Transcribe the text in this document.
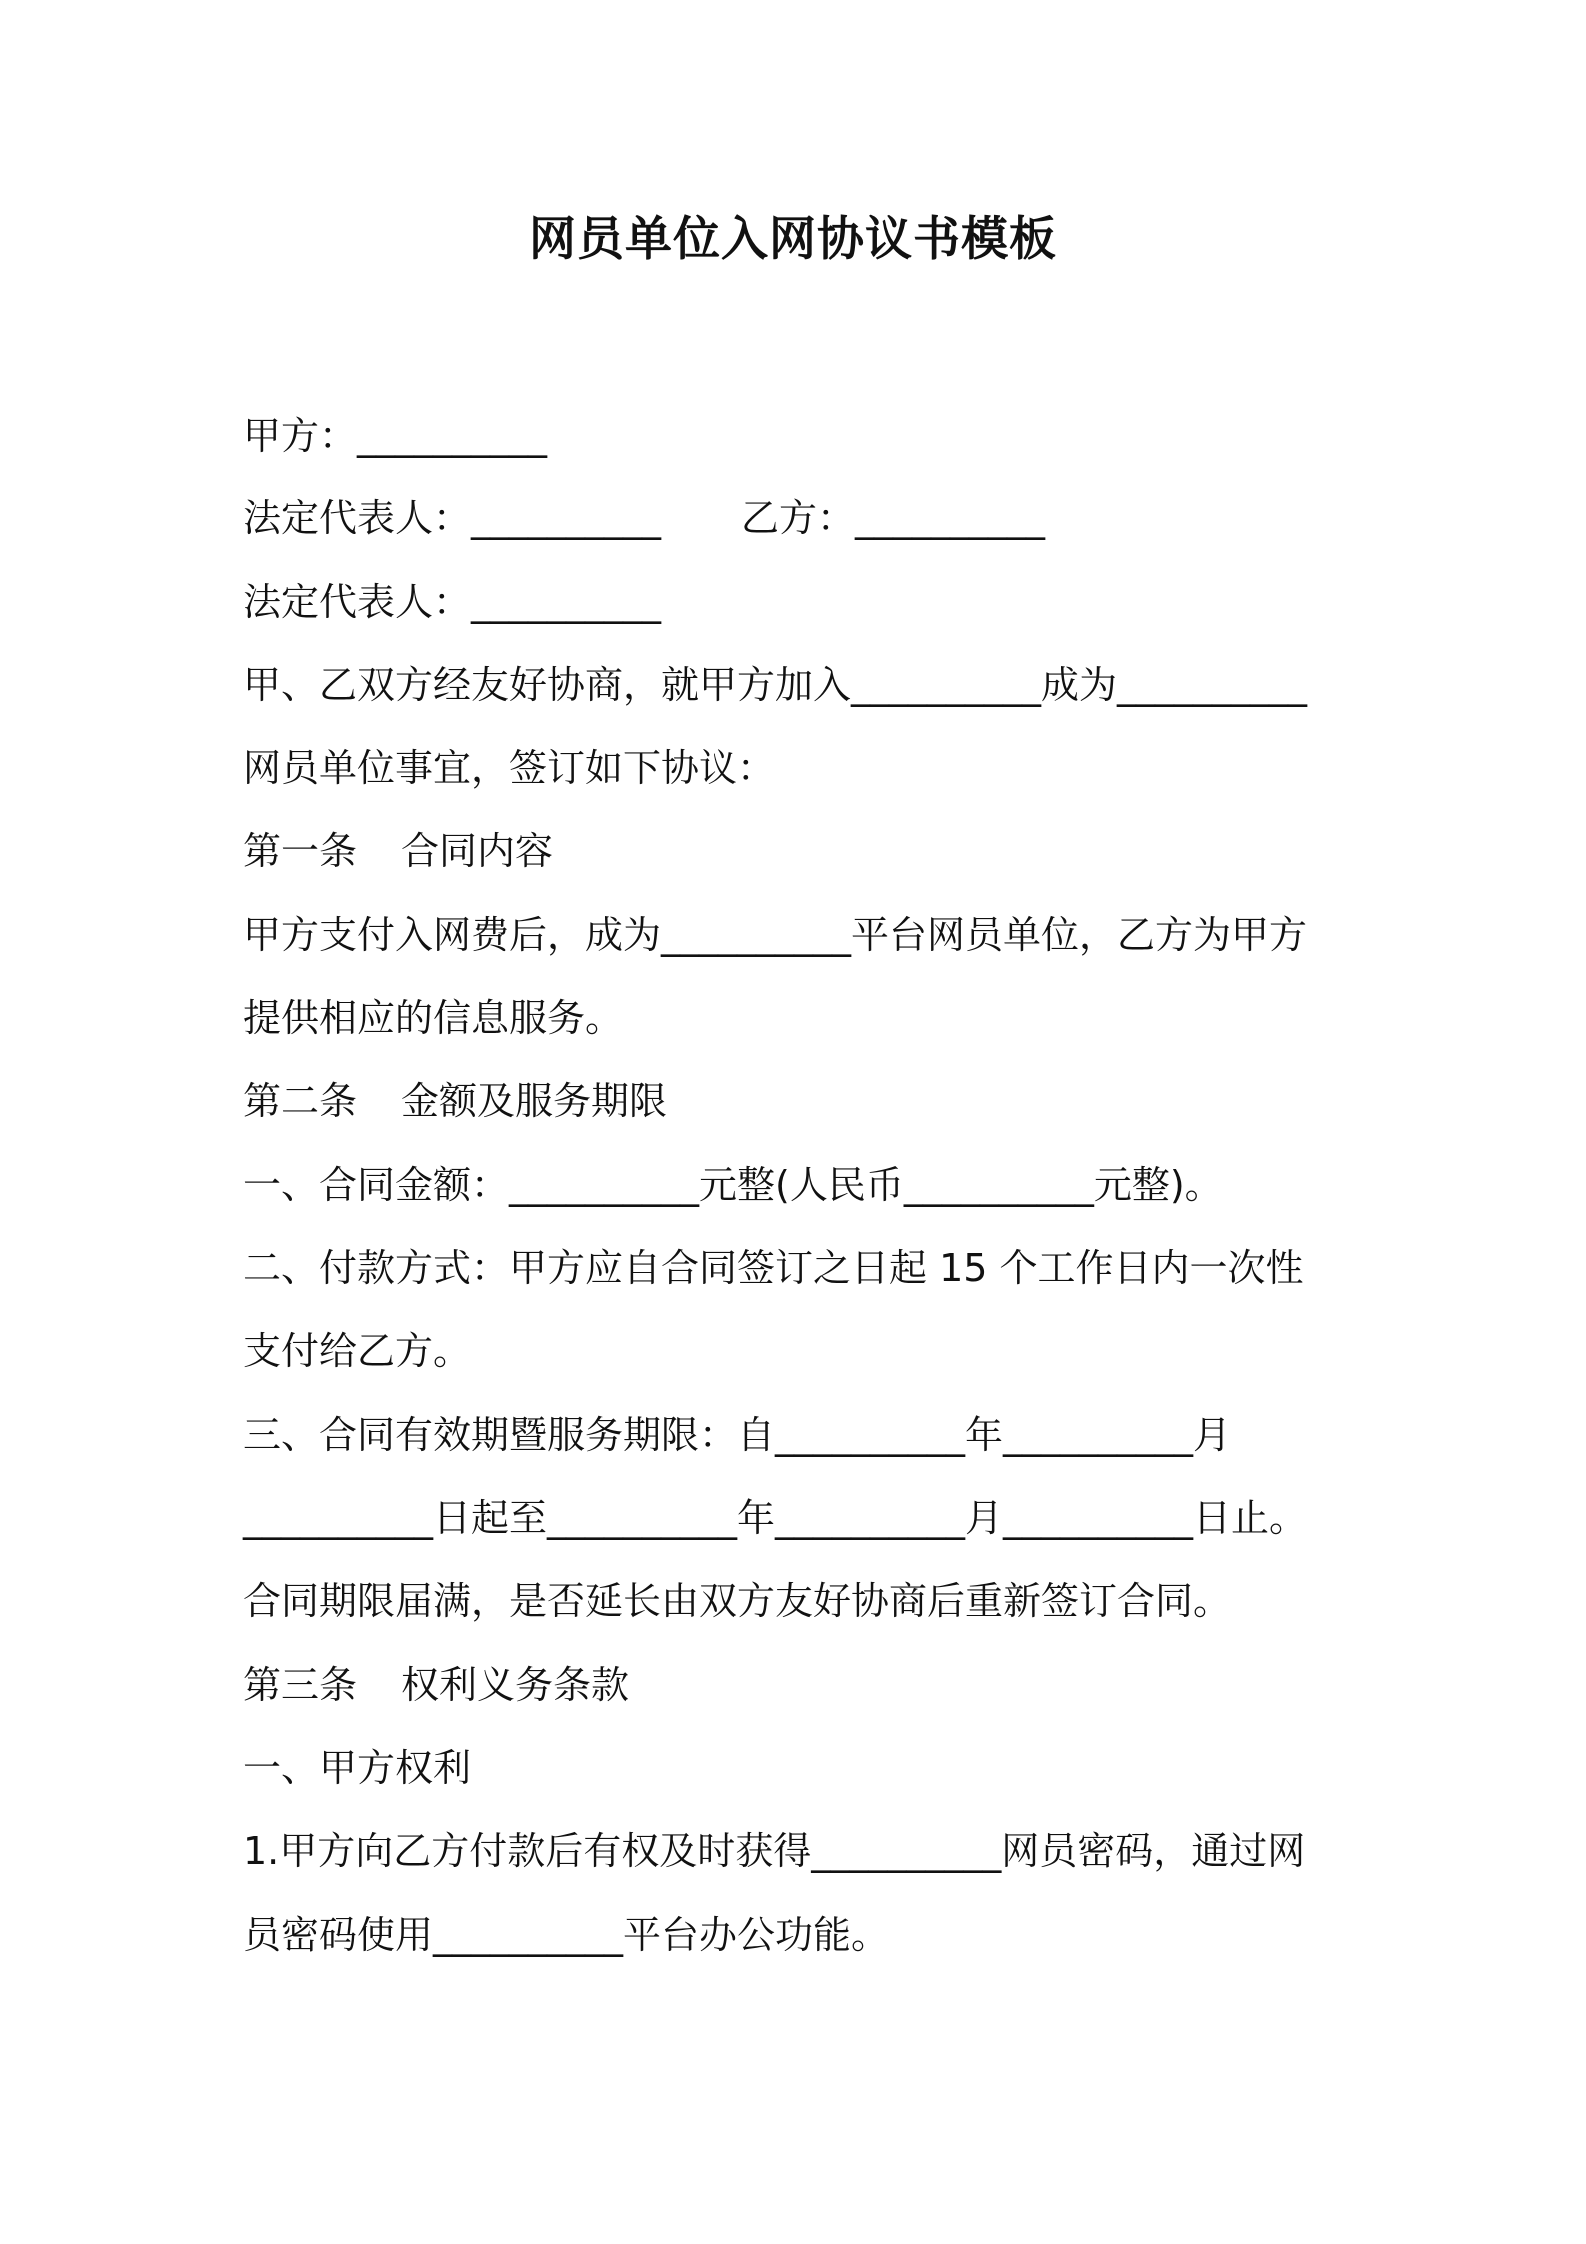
网员单位入网协议书模板
甲方：__________
法定代表人：__________ 乙方：__________
法定代表人：__________
甲、乙双方经友好协商，就甲方加入__________成为__________
网员单位事宜，签订如下协议：
第一条 合同内容
甲方支付入网费后，成为__________平台网员单位，乙方为甲方
提供相应的信息服务。
第二条 金额及服务期限
一、合同金额：__________元整(人民币__________元整)。
二、付款方式：甲方应自合同签订之日起 15 个工作日内一次性
支付给乙方。
三、合同有效期暨服务期限：自__________年__________月
__________日起至__________年__________月__________日止。
合同期限届满，是否延长由双方友好协商后重新签订合同。
第三条 权利义务条款
一、甲方权利
1.甲方向乙方付款后有权及时获得__________网员密码，通过网
员密码使用__________平台办公功能。
